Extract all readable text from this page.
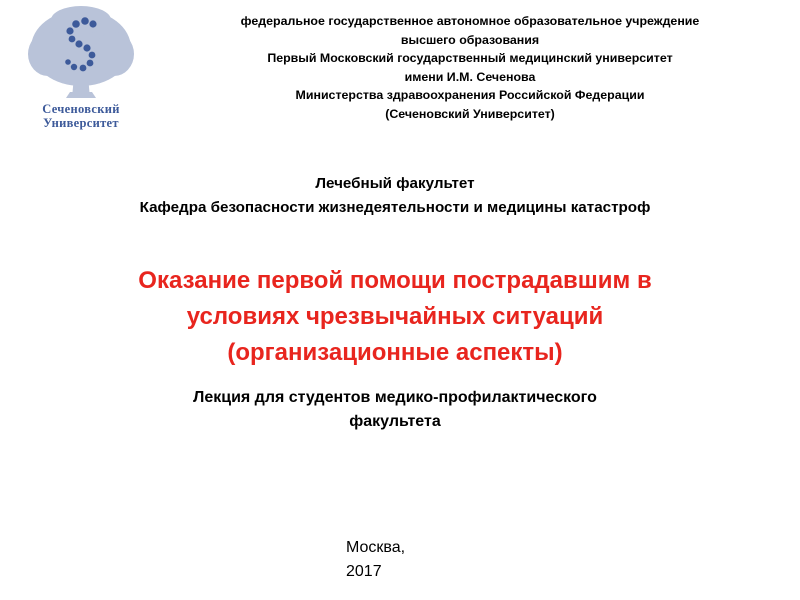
Сеченовский
Университет
федеральное государственное автономное образовательное учреждение
высшего образования
Первый Московский государственный медицинский университет
имени И.М. Сеченова
Министерства здравоохранения Российской Федерации
(Сеченовский Университет)
Лечебный факультет
Кафедра безопасности жизнедеятельности и медицины катастроф
Оказание первой помощи пострадавшим в
условиях чрезвычайных ситуаций
(организационные аспекты)
Лекция для студентов медико-профилактического
факультета
Москва,
2017
